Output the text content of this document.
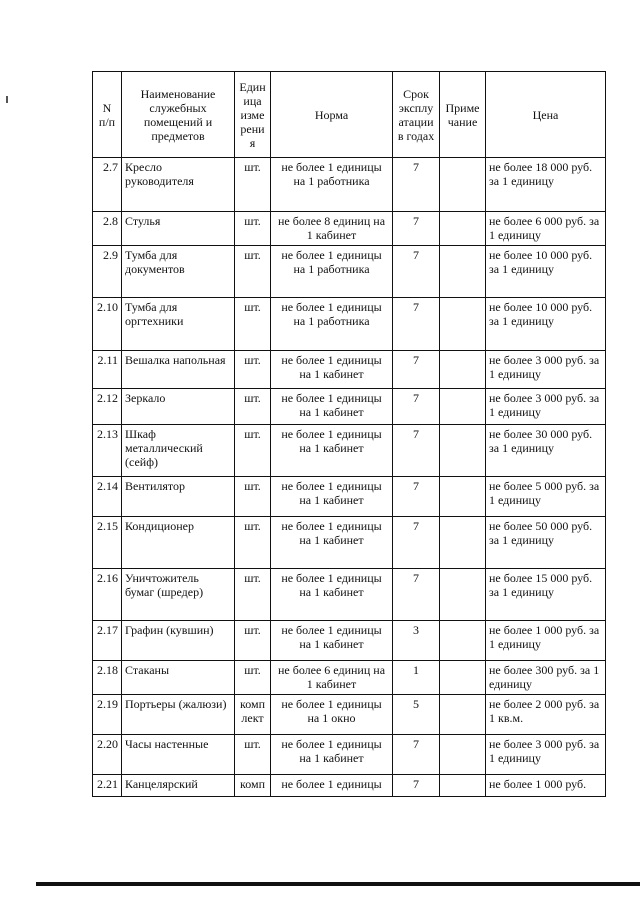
N
п/п	Наименование служебных помещений и предметов	Един ица изме рени я	Норма	Срок эксплу атации в годах	Приме чание	Цена
2.7	Кресло руководителя	шт.	не более 1 единицы на 1 работника	7		не более 18 000 руб. за 1 единицу
2.8	Стулья	шт.	не более 8 единиц на 1 кабинет	7		не более 6 000 руб. за 1 единицу
2.9	Тумба для документов	шт.	не более 1 единицы на 1 работника	7		не более 10 000 руб. за 1 единицу
2.10	Тумба для оргтехники	шт.	не более 1 единицы на 1 работника	7		не более 10 000 руб. за 1 единицу
2.11	Вешалка напольная	шт.	не более 1 единицы на 1 кабинет	7		не более 3 000 руб. за 1 единицу
2.12	Зеркало	шт.	не более 1 единицы на 1 кабинет	7		не более 3 000 руб. за 1 единицу
2.13	Шкаф металлический (сейф)	шт.	не более 1 единицы на 1 кабинет	7		не более 30 000 руб. за 1 единицу
2.14	Вентилятор	шт.	не более 1 единицы на 1 кабинет	7		не более 5 000 руб. за 1 единицу
2.15	Кондиционер	шт.	не более 1 единицы на 1 кабинет	7		не более 50 000 руб. за 1 единицу
2.16	Уничтожитель бумаг (шредер)	шт.	не более 1 единицы на 1 кабинет	7		не более 15 000 руб. за 1 единицу
2.17	Графин (кувшин)	шт.	не более 1 единицы на 1 кабинет	3		не более 1 000 руб. за 1 единицу
2.18	Стаканы	шт.	не более 6 единиц на 1 кабинет	1		не более 300 руб. за 1 единицу
2.19	Портьеры (жалюзи)	комп лект	не более 1 единицы на 1 окно	5		не более 2 000 руб. за 1 кв.м.
2.20	Часы настенные	шт.	не более 1 единицы на 1 кабинет	7		не более 3 000 руб. за 1 единицу
2.21	Канцелярский	комп	не более 1 единицы	7		не более 1 000 руб.
